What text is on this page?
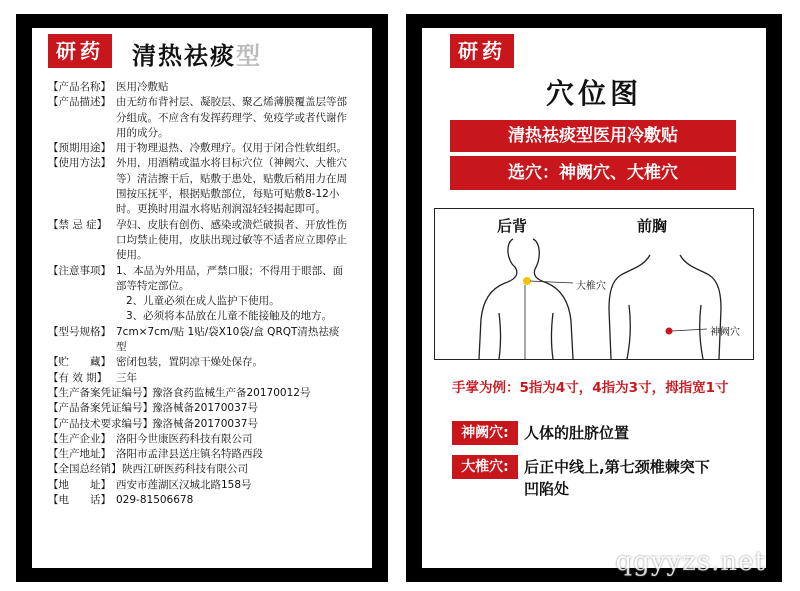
研药	清热祛痰型
【产品名称】 医用冷敷贴
【产品描述】 由无纺布背衬层、凝胶层、聚乙烯薄膜覆盖层等部分组成。不应含有发挥药理学、免疫学或者代谢作用的成分。
【预期用途】 用于物理退热、冷敷理疗。仅用于闭合性软组织。
【使用方法】 外用，用酒精或温水将目标穴位（神阙穴、大椎穴等）清洁擦干后，贴敷于患处，贴敷后稍用力在周围按压抚平，根据贴敷部位，每贴可贴敷8-12小时。更换时用温水将贴剂润湿轻轻揭起即可。
【禁 忌 症】 孕妇、皮肤有创伤、感染或溃烂破损者、开放性伤口均禁止使用，皮肤出现过敏等不适者应立即停止使用。
【注意事项】 1、本品为外用品，严禁口服；不得用于眼部、面部等特定部位。
2、儿童必须在成人监护下使用。
3、必须将本品放在儿童不能接触及的地方。
【型号规格】 7cm×7cm/贴 1贴/袋X10袋/盒 QRQT清热祛痰型
【贮　　藏】 密闭包装，置阴凉干燥处保存。
【有 效 期】 三年
【生产备案凭证编号】 豫洛食药监械生产备20170012号
【产品备案凭证编号】 豫洛械备20170037号
【产品技术要求编号】 豫洛械备20170037号
【生产企业】 洛阳今世康医药科技有限公司
【生产地址】 洛阳市孟津县送庄镇名特路西段
【全国总经销】 陕西江研医药科技有限公司
【地　　址】 西安市莲湖区汉城北路158号
【电　　话】 029-81506678
研药
穴位图
清热祛痰型医用冷敷贴
选穴：神阙穴、大椎穴
后背	前胸
大椎穴
神阙穴
手掌为例：5指为4寸，4指为3寸，拇指宽1寸
神阙穴:	人体的肚脐位置
大椎穴:	后正中线上,第七颈椎棘突下凹陷处
qgyyzs.net
